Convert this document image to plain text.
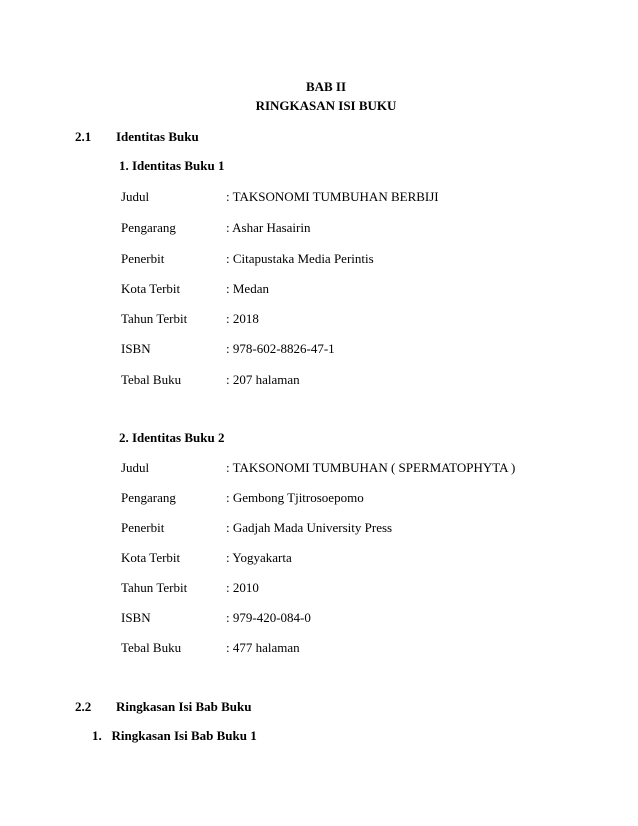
BAB II
RINGKASAN ISI BUKU
2.1 Identitas Buku
1. Identitas Buku 1
Judul	: TAKSONOMI TUMBUHAN BERBIJI
Pengarang	: Ashar Hasairin
Penerbit	: Citapustaka Media Perintis
Kota Terbit	: Medan
Tahun Terbit	: 2018
ISBN	: 978-602-8826-47-1
Tebal Buku	: 207 halaman
2. Identitas Buku 2
Judul	: TAKSONOMI TUMBUHAN ( SPERMATOPHYTA )
Pengarang	: Gembong Tjitrosoepomo
Penerbit	: Gadjah Mada University Press
Kota Terbit	: Yogyakarta
Tahun Terbit	: 2010
ISBN	: 979-420-084-0
Tebal Buku	: 477 halaman
2.2 Ringkasan Isi Bab Buku
1.   Ringkasan Isi Bab Buku 1
